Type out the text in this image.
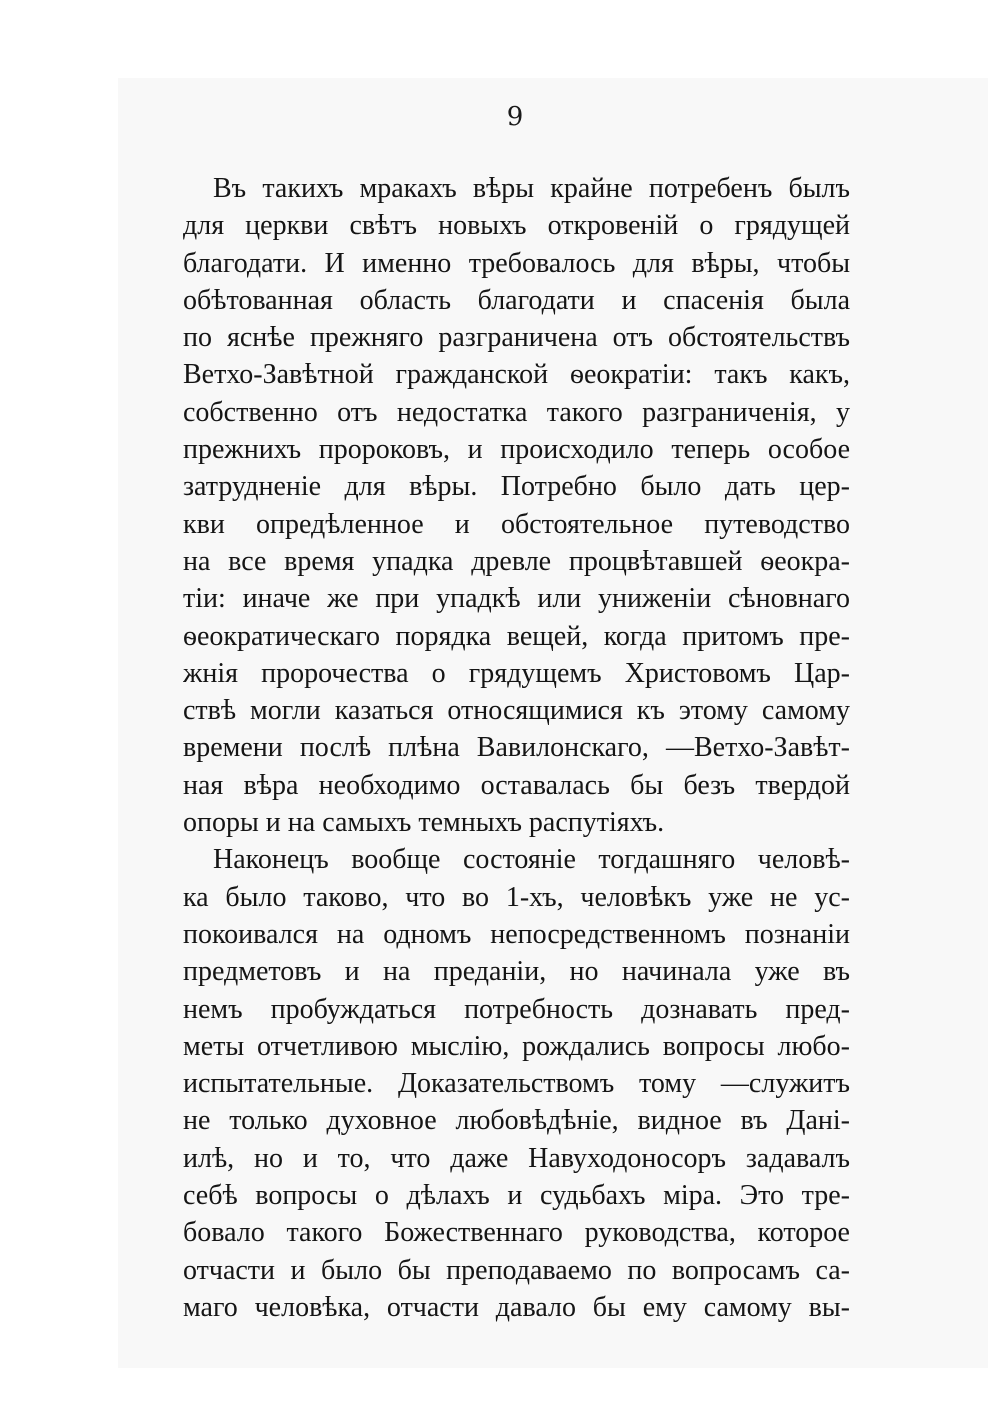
9
Въ такихъ мракахъ вѣры крайне потребенъ былъ
для церкви свѣтъ новыхъ откровенiй о грядущей
благодати. И именно требовалось для вѣры, чтобы
обѣтованная область благодати и спасенiя была
по яснѣе прежняго разграничена отъ обстоятельствъ
Ветхо-Завѣтной гражданской ѳеократiи: такъ какъ,
собственно отъ недостатка такого разграниченiя, у
прежнихъ пророковъ, и происходило теперь особое
затрудненiе для вѣры. Потребно было дать цер-
кви опредѣленное и обстоятельное путеводство
на все время упадка древле процвѣтавшей ѳеокра-
тiи: иначе же при упадкѣ или униженiи сѣновнаго
ѳеократическаго порядка вещей, когда притомъ пре-
жнiя пророчества о грядущемъ Христовомъ Цар-
ствѣ могли казаться относящимися къ этому самому
времени послѣ плѣна Вавилонскаго, —Ветхо-Завѣт-
ная вѣра необходимо оставалась бы безъ твердой
опоры и на самыхъ темныхъ распутiяхъ.
Наконецъ вообще состоянiе тогдашняго человѣ-
ка было таково, что во 1-хъ, человѣкъ уже не ус-
покоивался на одномъ непосредственномъ познанiи
предметовъ и на преданiи, но начинала уже въ
немъ пробуждаться потребность дознавать пред-
меты отчетливою мыслiю, рождались вопросы любо-
испытательные. Доказательствомъ тому —служитъ
не только духовное любовѣдѣнiе, видное въ Данi-
илѣ, но и то, что даже Навуходоносоръ задавалъ
себѣ вопросы о дѣлахъ и судьбахъ мiра. Это тре-
бовало такого Божественнаго руководства, которое
отчасти и было бы преподаваемо по вопросамъ са-
маго человѣка, отчасти давало бы ему самому вы-
